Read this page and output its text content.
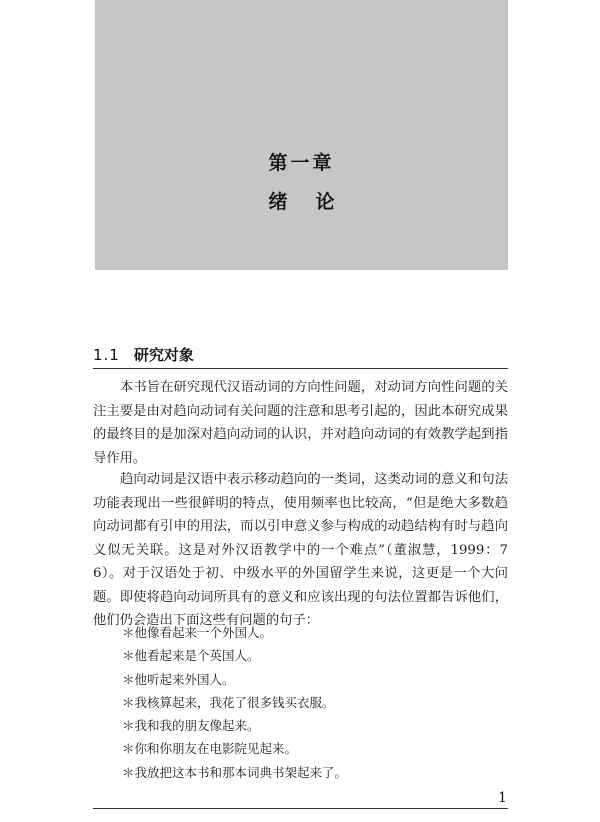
第一章
绪论
1.1 研究对象

本书旨在研究现代汉语动词的方向性问题，对动词方向性问题的关注主要是由对趋向动词有关问题的注意和思考引起的，因此本研究成果的最终目的是加深对趋向动词的认识，并对趋向动词的有效教学起到指导作用。

趋向动词是汉语中表示移动趋向的一类词，这类动词的意义和句法功能表现出一些很鲜明的特点，使用频率也比较高，“但是绝大多数趋向动词都有引申的用法，而以引申意义参与构成的动趋结构有时与趋向义似无关联。这是对外汉语教学中的一个难点”（董淑慧，1999：76）。对于汉语处于初、中级水平的外国留学生来说，这更是一个大问题。即使将趋向动词所具有的意义和应该出现的句法位置都告诉他们，他们仍会造出下面这些有问题的句子：

＊他像看起来一个外国人。
＊他看起来是个英国人。
＊他听起来外国人。
＊我核算起来，我花了很多钱买衣服。
＊我和我的朋友像起来。
＊你和你朋友在电影院见起来。
＊我放把这本书和那本词典书架起来了。
1
